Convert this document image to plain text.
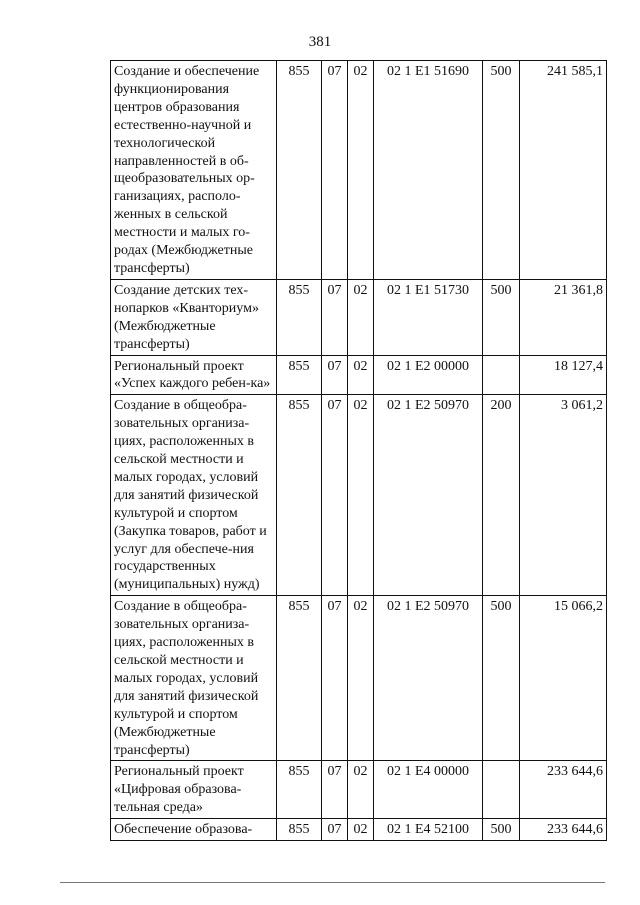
381
Создание и обеспечение функционирования центров образования естественно-научной и технологической направленностей в об-щеобразовательных ор-ганизациях, располо-женных в сельской местности и малых го-родах (Межбюджетные трансферты)	855	07	02	02 1 E1 51690	500	241 585,1
Создание детских тех-нопарков «Кванториум» (Межбюджетные трансферты)	855	07	02	02 1 E1 51730	500	21 361,8
Региональный проект «Успех каждого ребен-ка»	855	07	02	02 1 E2 00000		18 127,4
Создание в общеобра-зовательных организа-циях, расположенных в сельской местности и малых городах, условий для занятий физической культурой и спортом (Закупка товаров, работ и услуг для обеспече-ния государственных (муниципальных) нужд)	855	07	02	02 1 E2 50970	200	3 061,2
Создание в общеобра-зовательных организа-циях, расположенных в сельской местности и малых городах, условий для занятий физической культурой и спортом (Межбюджетные трансферты)	855	07	02	02 1 E2 50970	500	15 066,2
Региональный проект «Цифровая образова-тельная среда»	855	07	02	02 1 E4 00000		233 644,6
Обеспечение образова-	855	07	02	02 1 E4 52100	500	233 644,6
